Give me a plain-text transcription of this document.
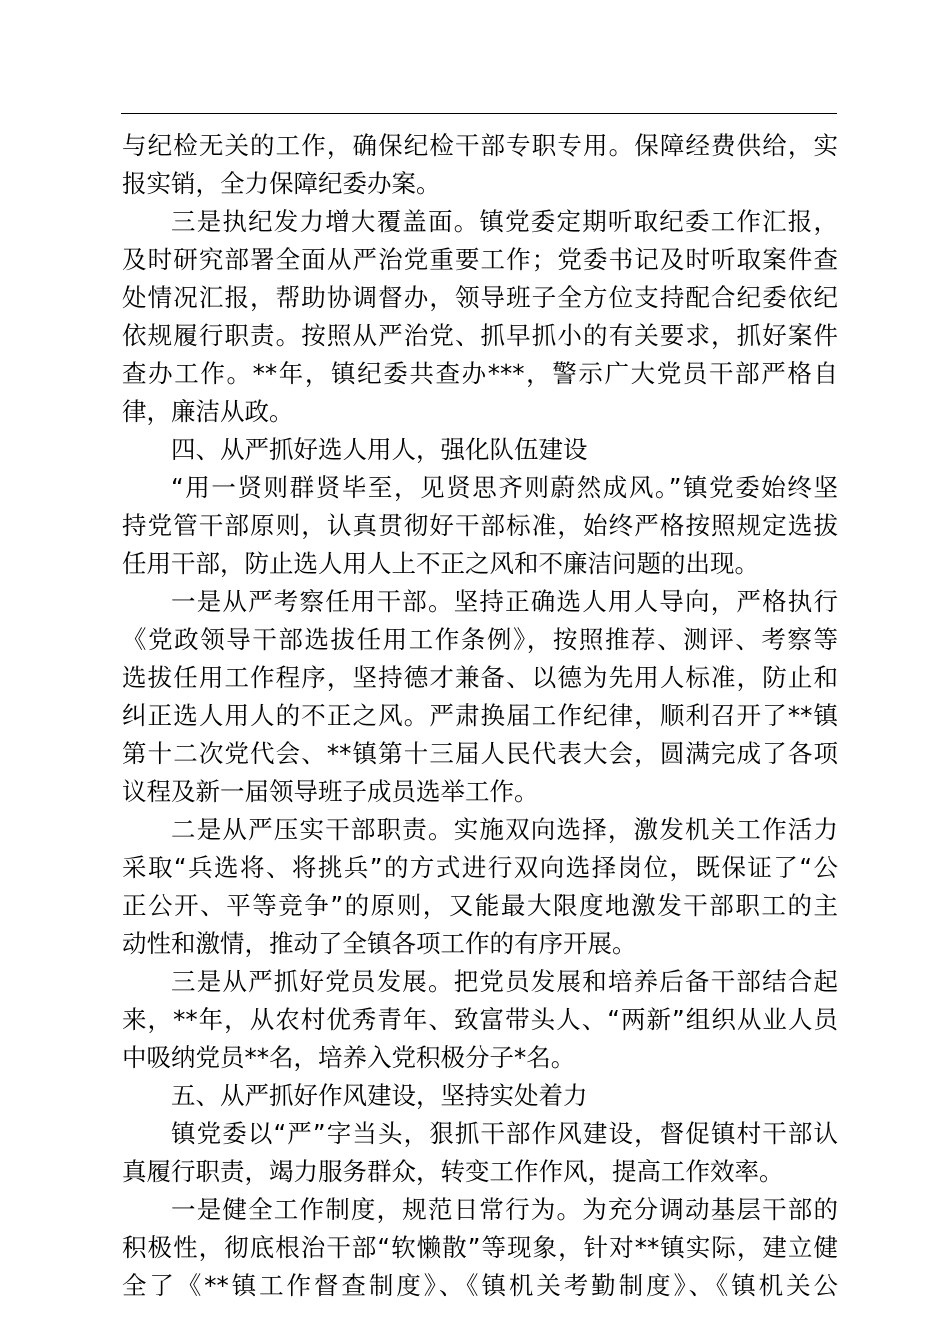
与纪检无关的工作，确保纪检干部专职专用。保障经费供给，实
报实销，全力保障纪委办案。
三是执纪发力增大覆盖面。镇党委定期听取纪委工作汇报，
及时研究部署全面从严治党重要工作；党委书记及时听取案件查
处情况汇报，帮助协调督办，领导班子全方位支持配合纪委依纪
依规履行职责。按照从严治党、抓早抓小的有关要求，抓好案件
查办工作。**年，镇纪委共查办***，警示广大党员干部严格自
律，廉洁从政。
四、从严抓好选人用人，强化队伍建设
“用一贤则群贤毕至，见贤思齐则蔚然成风。”镇党委始终坚
持党管干部原则，认真贯彻好干部标准，始终严格按照规定选拔
任用干部，防止选人用人上不正之风和不廉洁问题的出现。
一是从严考察任用干部。坚持正确选人用人导向，严格执行
《党政领导干部选拔任用工作条例》，按照推荐、测评、考察等
选拔任用工作程序，坚持德才兼备、以德为先用人标准，防止和
纠正选人用人的不正之风。严肃换届工作纪律，顺利召开了**镇
第十二次党代会、**镇第十三届人民代表大会，圆满完成了各项
议程及新一届领导班子成员选举工作。
二是从严压实干部职责。实施双向选择，激发机关工作活力
采取“兵选将、将挑兵”的方式进行双向选择岗位，既保证了“公
正公开、平等竞争”的原则，又能最大限度地激发干部职工的主
动性和激情，推动了全镇各项工作的有序开展。
三是从严抓好党员发展。把党员发展和培养后备干部结合起
来，**年，从农村优秀青年、致富带头人、“两新”组织从业人员
中吸纳党员**名，培养入党积极分子*名。
五、从严抓好作风建设，坚持实处着力
镇党委以“严”字当头，狠抓干部作风建设，督促镇村干部认
真履行职责，竭力服务群众，转变工作作风，提高工作效率。
一是健全工作制度，规范日常行为。为充分调动基层干部的
积极性，彻底根治干部“软懒散”等现象，针对**镇实际，建立健
全了《**镇工作督查制度》、《镇机关考勤制度》、《镇机关公
